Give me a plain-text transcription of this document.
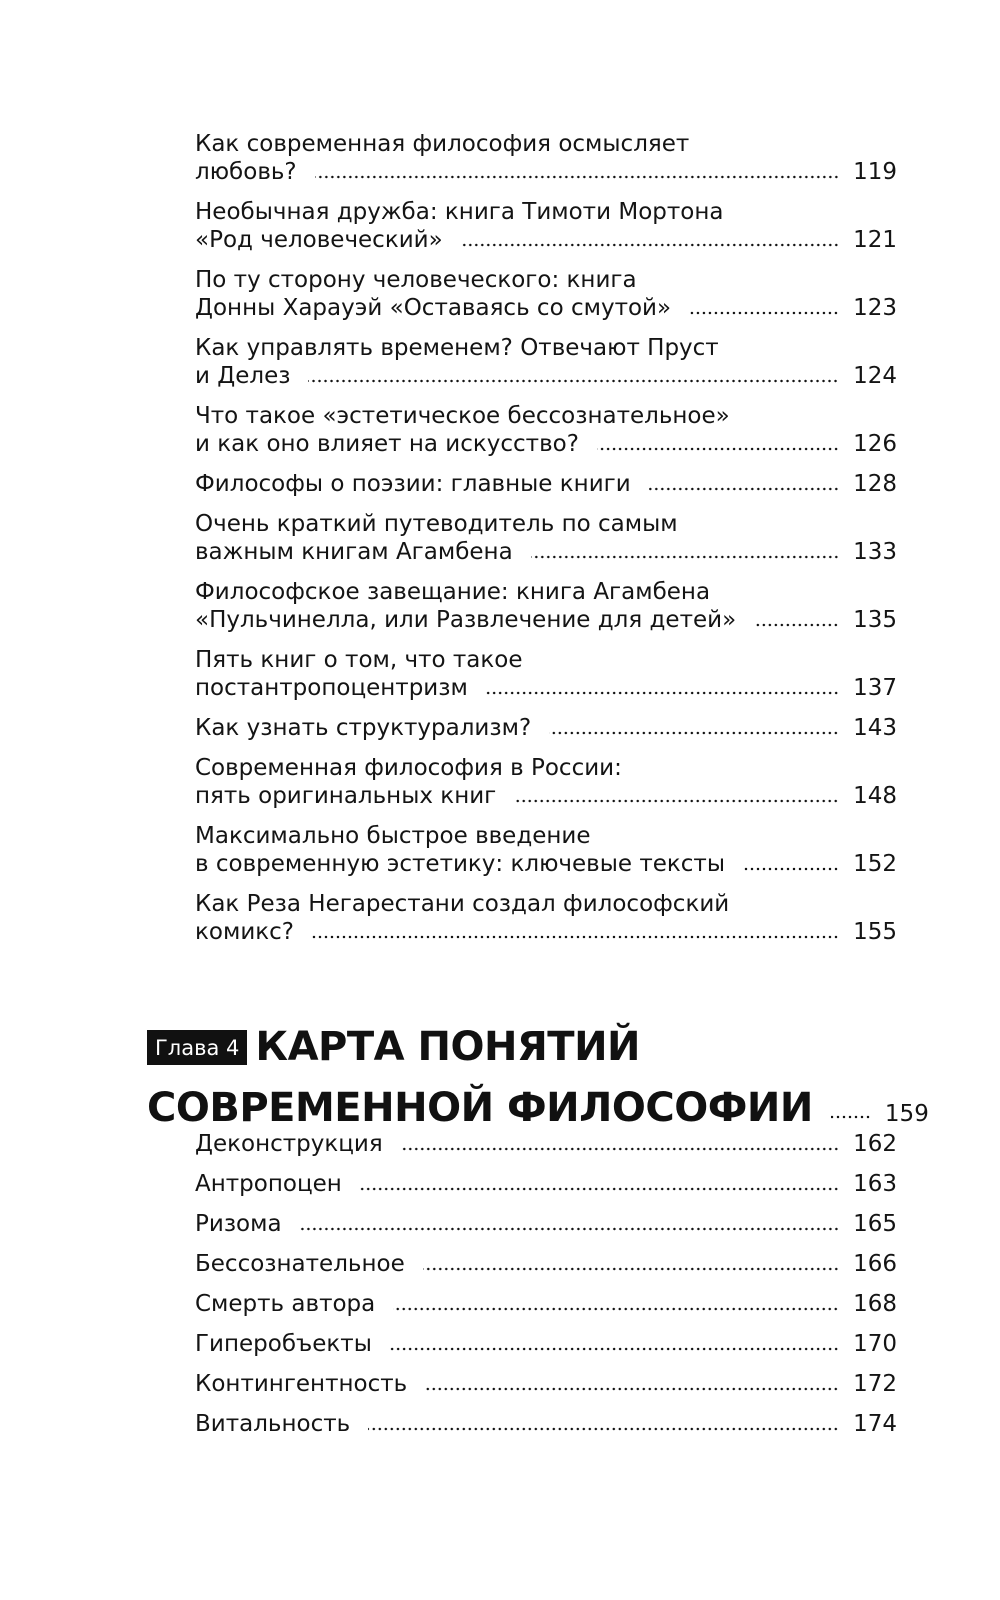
Как современная философия осмысляет
любовь?	119
Необычная дружба: книга Тимоти Мортона
«Род человеческий»	121
По ту сторону человеческого: книга
Донны Харауэй «Оставаясь со смутой»	123
Как управлять временем? Отвечают Пруст
и Делез	124
Что такое «эстетическое бессознательное»
и как оно влияет на искусство?	126
Философы о поэзии: главные книги	128
Очень краткий путеводитель по самым
важным книгам Агамбена	133
Философское завещание: книга Агамбена
«Пульчинелла, или Развлечение для детей»	135
Пять книг о том, что такое
постантропоцентризм	137
Как узнать структурализм?	143
Современная философия в России:
пять оригинальных книг	148
Максимально быстрое введение
в современную эстетику: ключевые тексты	152
Как Реза Негарестани создал философский
комикс?	155
Глава 4 КАРТА ПОНЯТИЙ
СОВРЕМЕННОЙ ФИЛОСОФИИ	159
Деконструкция	162
Антропоцен	163
Ризома	165
Бессознательное	166
Смерть автора	168
Гиперобъекты	170
Контингентность	172
Витальность	174
